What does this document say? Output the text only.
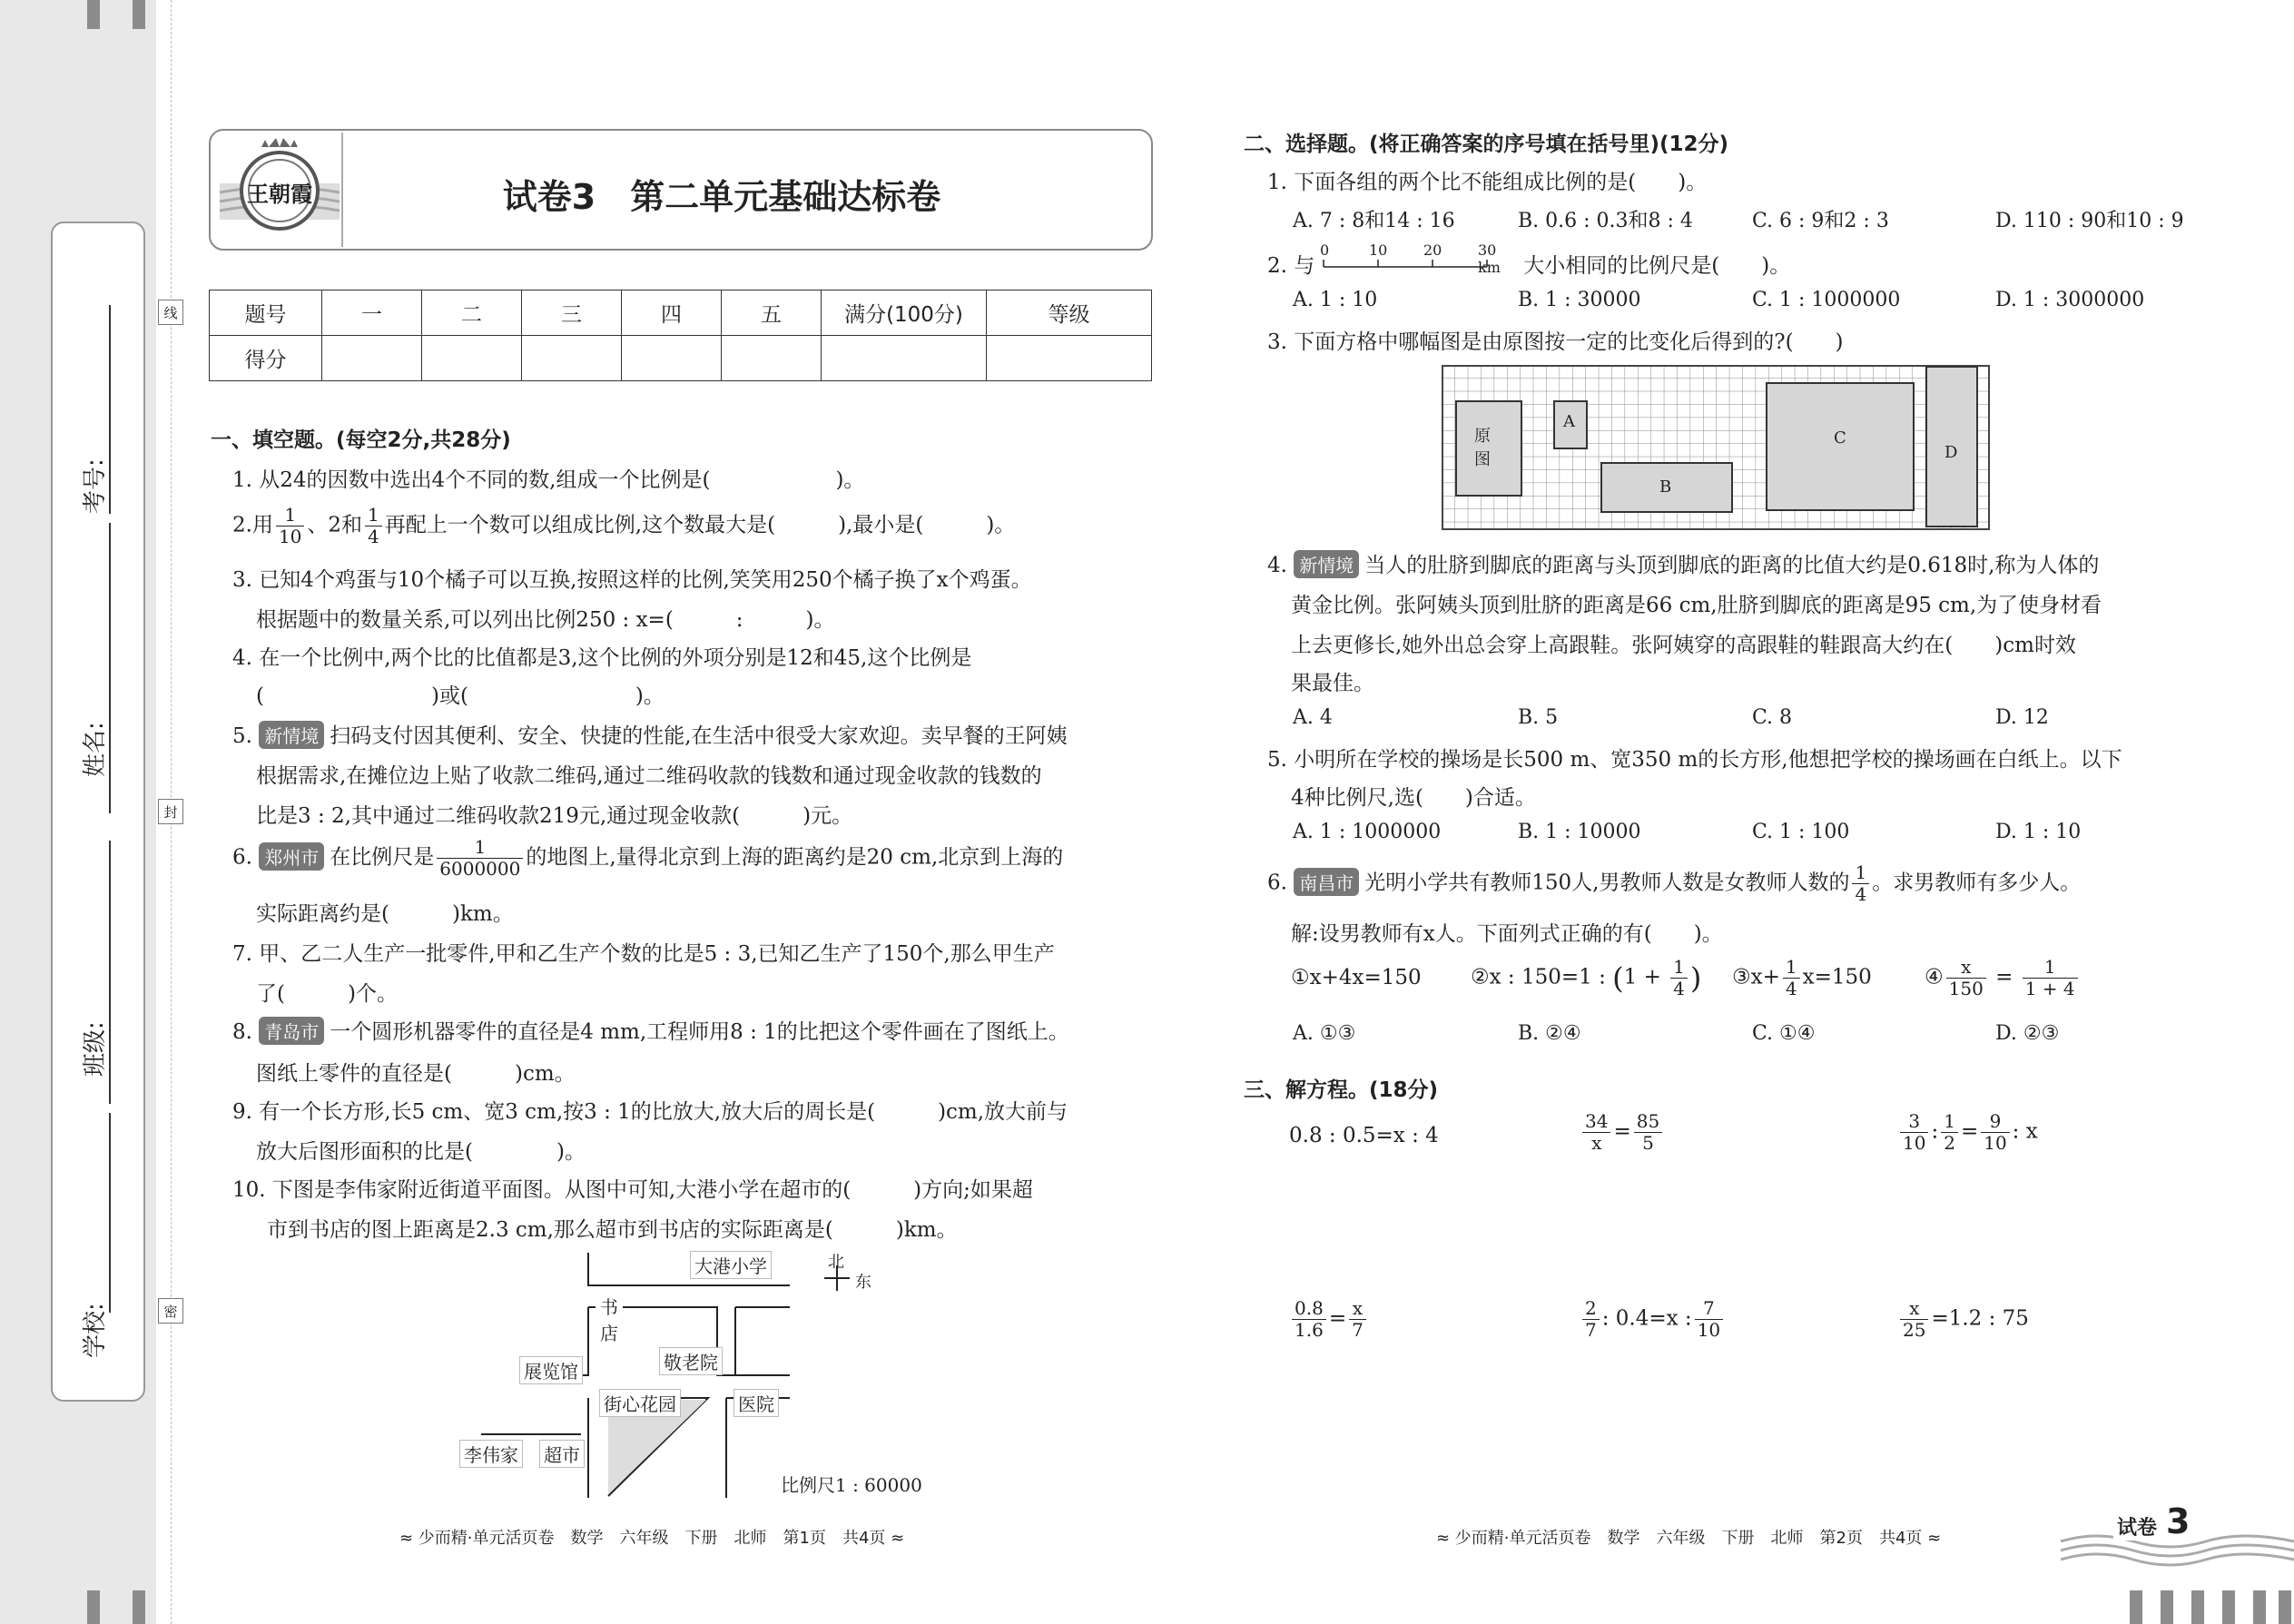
考号:
姓名:
班级:
学校:
线
封
密
王朝霞	试卷3　第二单元基础达标卷
题号	一	二	三	四	五	满分(100分)	等级
得分							
一、填空题。(每空2分,共28分)
1. 从24的因数中选出4个不同的数,组成一个比例是(　　　　　　)。
2.用 $\frac{1}{10}$ 、2和 $\frac{1}{4}$ 再配上一个数可以组成比例,这个数最大是(　　　),最小是(　　　)。
3. 已知4个鸡蛋与10个橘子可以互换,按照这样的比例,笑笑用250个橘子换了x个鸡蛋。
根据题中的数量关系,可以列出比例250 : x=(　　　:　　　)。
4. 在一个比例中,两个比的比值都是3,这个比例的外项分别是12和45,这个比例是
(　　　　　　　　)或(　　　　　　　　)。
5. 新情境 扫码支付因其便利、安全、快捷的性能,在生活中很受大家欢迎。卖早餐的王阿姨
根据需求,在摊位边上贴了收款二维码,通过二维码收款的钱数和通过现金收款的钱数的
比是3 : 2,其中通过二维码收款219元,通过现金收款(　　　)元。
6. 郑州市 在比例尺是 $\frac{1}{6000000}$ 的地图上,量得北京到上海的距离约是20 cm,北京到上海的
实际距离约是(　　　)km。
7. 甲、乙二人生产一批零件,甲和乙生产个数的比是5 : 3,已知乙生产了150个,那么甲生产
了(　　　)个。
8. 青岛市 一个圆形机器零件的直径是4 mm,工程师用8 : 1的比把这个零件画在了图纸上。
图纸上零件的直径是(　　　)cm。
9. 有一个长方形,长5 cm、宽3 cm,按3 : 1的比放大,放大后的周长是(　　　)cm,放大前与
放大后图形面积的比是(　　　　)。
10. 下图是李伟家附近街道平面图。从图中可知,大港小学在超市的(　　　)方向;如果超
市到书店的图上距离是2.3 cm,那么超市到书店的实际距离是(　　　)km。
大港小学
书店
敬老院
展览馆
街心花园	医院
李伟家 超市
北
东
比例尺1 : 60000
二、选择题。(将正确答案的序号填在括号里)(12分)
1. 下面各组的两个比不能组成比例的是(　　)。
A. 7 : 8和14 : 16	B. 0.6 : 0.3和8 : 4	C. 6 : 9和2 : 3	D. 110 : 90和10 : 9
2. 与	大小相同的比例尺是(　　)。
0	10 20 30 km
A. 1 : 10	B. 1 : 30000	C. 1 : 1000000	D. 1 : 3000000
3. 下面方格中哪幅图是由原图按一定的比变化后得到的?(　　)
原
图
A
B
C
D
4. 新情境 当人的肚脐到脚底的距离与头顶到脚底的距离的比值大约是0.618时,称为人体的
黄金比例。张阿姨头顶到肚脐的距离是66 cm,肚脐到脚底的距离是95 cm,为了使身材看
上去更修长,她外出总会穿上高跟鞋。张阿姨穿的高跟鞋的鞋跟高大约在(　　)cm时效
果最佳。
A. 4	B. 5	C. 8	D. 12
5. 小明所在学校的操场是长500 m、宽350 m的长方形,他想把学校的操场画在白纸上。以下
4种比例尺,选(　　)合适。
A. 1 : 1000000	B. 1 : 10000	C. 1 : 100	D. 1 : 10
6. 南昌市 光明小学共有教师150人,男教师人数是女教师人数的 $\frac{1}{4}$ 。求男教师有多少人。
解:设男教师有x人。下面列式正确的有(　　)。
①x+4x=150 ②x : 150=1 : ($1 + \frac{1}{4}$ ) ③x+ $\frac{1}{4} x=150$	④ $\frac{x}{150} = \frac{1}{1 + 4}$
A. ①③	B. ②④	C. ①④	D. ②③
三、解方程。(18分)
0.8 : 0.5=x : 4	$\frac{34}{x} = \frac{85}{5}$	$\frac{3}{10}$ : $\frac{1}{2} = \frac{9}{10}$ : x
$\frac{0.8}{1.6} = \frac{x}{7}$	$\frac{2}{7}$ : 0.4=x : $\frac{7}{10}$	$\frac{x}{25} =1.2$ : 75
≈ 少而精·单元活页卷　数学　六年级　下册　北师　第1页　共4页 ≈	≈ 少而精·单元活页卷　数学　六年级　下册　北师　第2页　共4页 ≈	试卷 3
